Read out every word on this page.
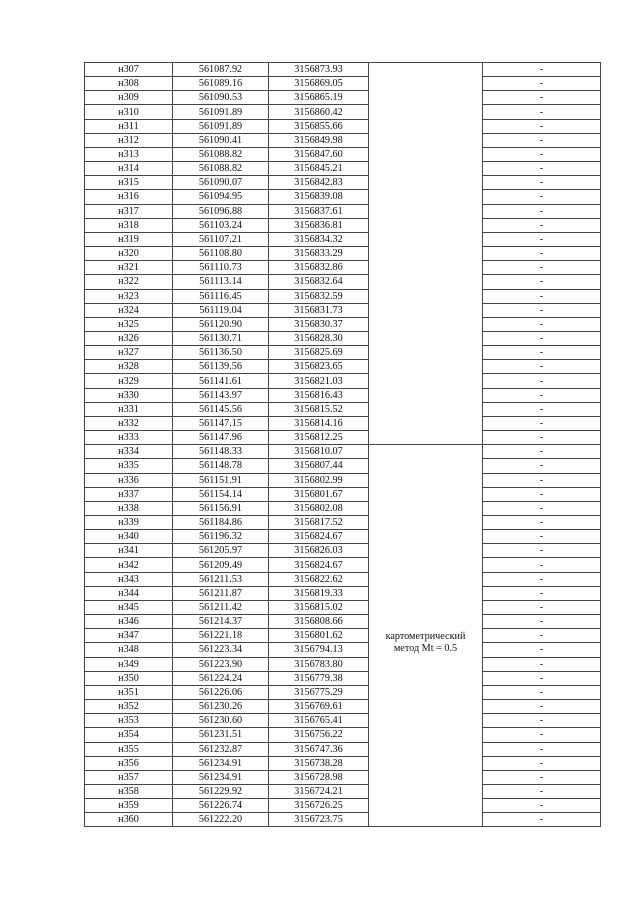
н307	561087.92	3156873.93		-
н308	561089.16	3156869.05		-
н309	561090.53	3156865.19		-
н310	561091.89	3156860.42		-
н311	561091.89	3156855.66		-
н312	561090.41	3156849.98		-
н313	561088.82	3156847.60		-
н314	561088.82	3156845.21		-
н315	561090.07	3156842.83		-
н316	561094.95	3156839.08		-
н317	561096.88	3156837.61		-
н318	561103.24	3156836.81		-
н319	561107.21	3156834.32		-
н320	561108.80	3156833.29		-
н321	561110.73	3156832.86		-
н322	561113.14	3156832.64		-
н323	561116.45	3156832.59		-
н324	561119.04	3156831.73		-
н325	561120.90	3156830.37		-
н326	561130.71	3156828.30		-
н327	561136.50	3156825.69		-
н328	561139.56	3156823.65		-
н329	561141.61	3156821.03		-
н330	561143.97	3156816.43		-
н331	561145.56	3156815.52		-
н332	561147.15	3156814.16		-
н333	561147.96	3156812.25		-
н334	561148.33	3156810.07		-
н335	561148.78	3156807.44		-
н336	561151.91	3156802.99		-
н337	561154.14	3156801.67		-
н338	561156.91	3156802.08		-
н339	561184.86	3156817.52		-
н340	561196.32	3156824.67		-
н341	561205.97	3156826.03		-
н342	561209.49	3156824.67		-
н343	561211.53	3156822.62		-
н344	561211.87	3156819.33		-
н345	561211.42	3156815.02		-
н346	561214.37	3156808.66		-
н347	561221.18	3156801.62	картометрический
метод Mt = 0.5	-
н348	561223.34	3156794.13		-
н349	561223.90	3156783.80		-
н350	561224.24	3156779.38		-
н351	561226.06	3156775.29		-
н352	561230.26	3156769.61		-
н353	561230.60	3156765.41		-
н354	561231.51	3156756.22		-
н355	561232.87	3156747.36		-
н356	561234.91	3156738.28		-
н357	561234.91	3156728.98		-
н358	561229.92	3156724.21		-
н359	561226.74	3156726.25		-
н360	561222.20	3156723.75		-
